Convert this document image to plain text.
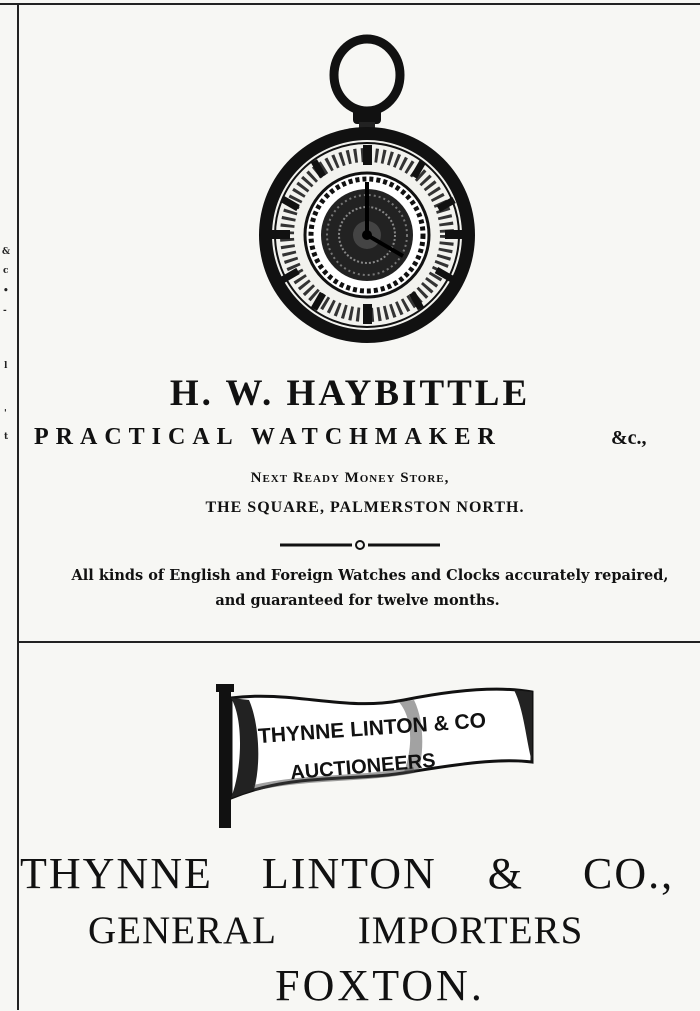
&
c
•
-
l
'
t
H. W. HAYBITTLE
PRACTICAL WATCHMAKER	&c.,
Next Ready Money Store,
THE SQUARE, PALMERSTON NORTH.
All kinds of English and Foreign Watches and Clocks accurately repaired,
and guaranteed for twelve months.
THYNNE LINTON & CO
AUCTIONEERS
THYNNE LINTON & CO.,
GENERAL IMPORTERS
FOXTON.
